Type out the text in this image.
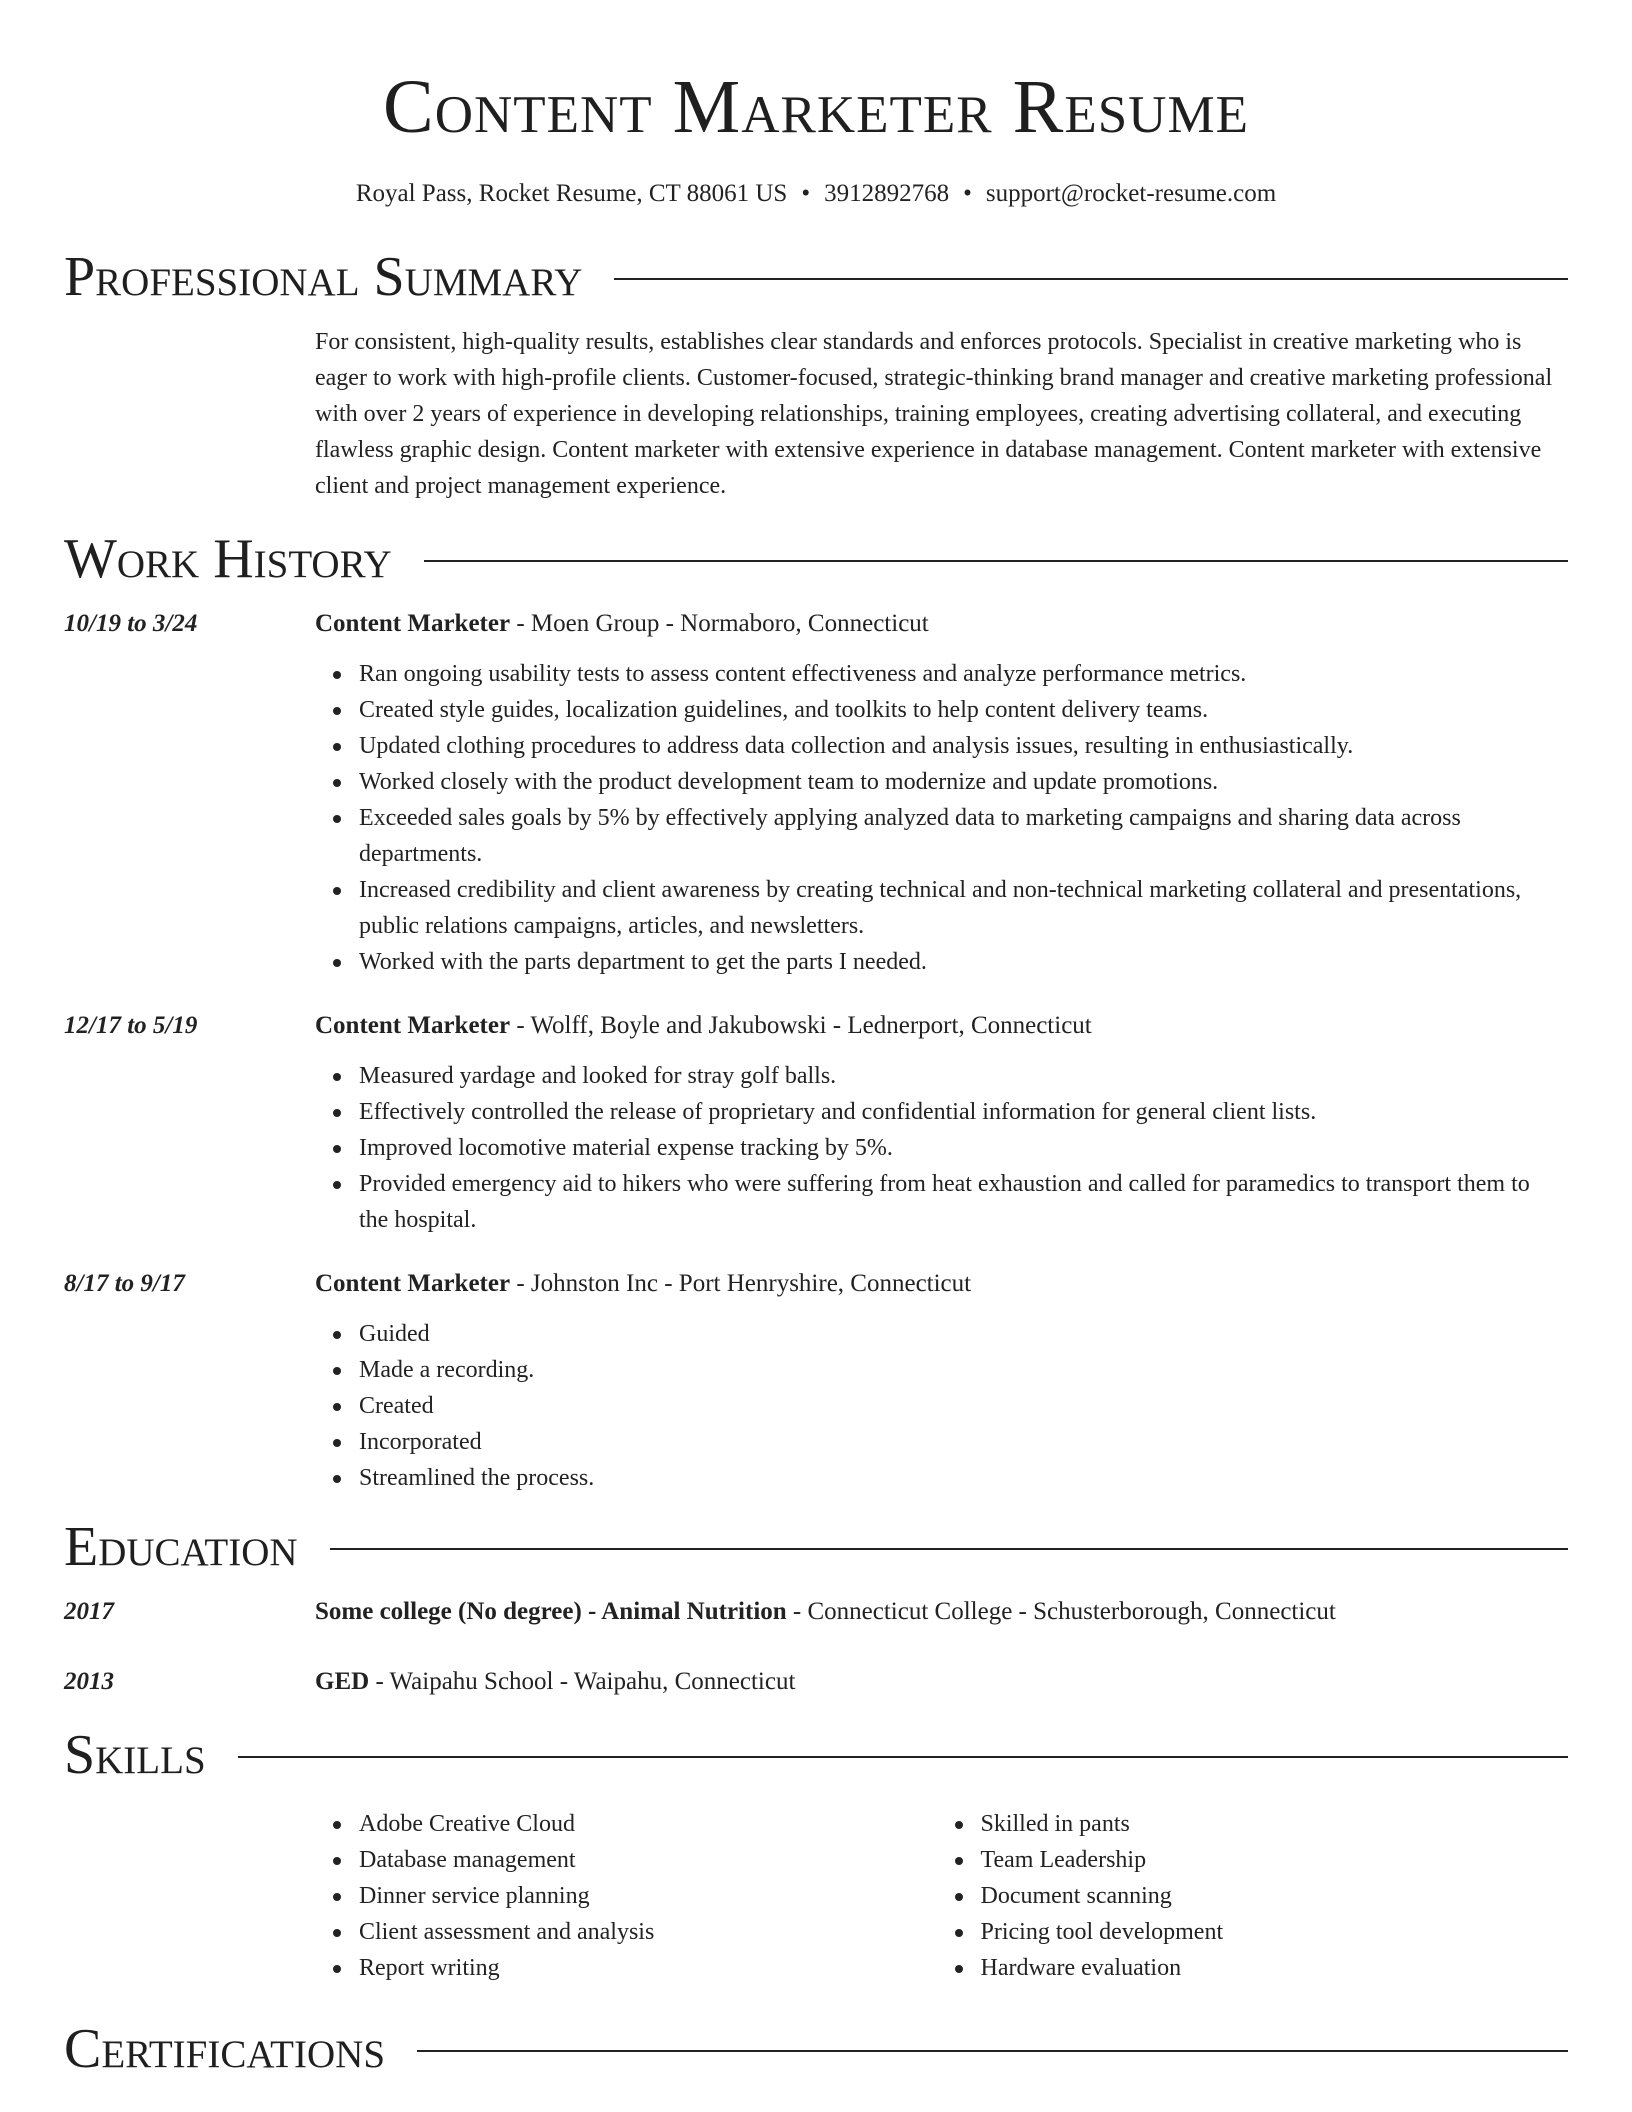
Content Marketer Resume
Royal Pass, Rocket Resume, CT 88061 US • 3912892768 • support@rocket-resume.com
Professional Summary
For consistent, high-quality results, establishes clear standards and enforces protocols. Specialist in creative marketing who is eager to work with high-profile clients. Customer-focused, strategic-thinking brand manager and creative marketing professional with over 2 years of experience in developing relationships, training employees, creating advertising collateral, and executing flawless graphic design. Content marketer with extensive experience in database management. Content marketer with extensive client and project management experience.
Work History
10/19 to 3/24	Content Marketer - Moen Group - Normaboro, Connecticut
Ran ongoing usability tests to assess content effectiveness and analyze performance metrics.
Created style guides, localization guidelines, and toolkits to help content delivery teams.
Updated clothing procedures to address data collection and analysis issues, resulting in enthusiastically.
Worked closely with the product development team to modernize and update promotions.
Exceeded sales goals by 5% by effectively applying analyzed data to marketing campaigns and sharing data across departments.
Increased credibility and client awareness by creating technical and non-technical marketing collateral and presentations, public relations campaigns, articles, and newsletters.
Worked with the parts department to get the parts I needed.
12/17 to 5/19	Content Marketer - Wolff, Boyle and Jakubowski - Lednerport, Connecticut
Measured yardage and looked for stray golf balls.
Effectively controlled the release of proprietary and confidential information for general client lists.
Improved locomotive material expense tracking by 5%.
Provided emergency aid to hikers who were suffering from heat exhaustion and called for paramedics to transport them to the hospital.
8/17 to 9/17	Content Marketer - Johnston Inc - Port Henryshire, Connecticut
Guided
Made a recording.
Created
Incorporated
Streamlined the process.
Education
2017	Some college (No degree) - Animal Nutrition - Connecticut College - Schusterborough, Connecticut
2013	GED - Waipahu School - Waipahu, Connecticut
Skills
Adobe Creative Cloud
Database management
Dinner service planning
Client assessment and analysis
Report writing
Skilled in pants
Team Leadership
Document scanning
Pricing tool development
Hardware evaluation
Certifications
